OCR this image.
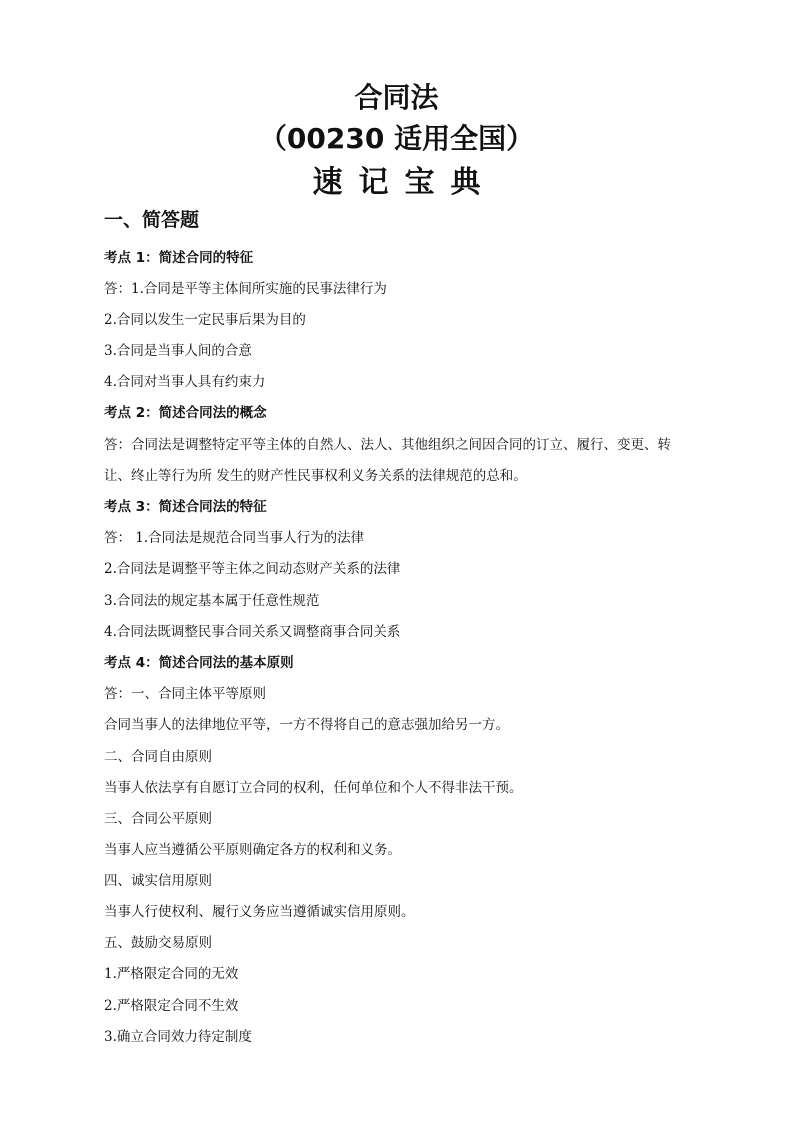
合同法
（00230 适用全国）
速记宝典
一、简答题
考点 1：简述合同的特征
答：1.合同是平等主体间所实施的民事法律行为
2.合同以发生一定民事后果为目的
3.合同是当事人间的合意
4.合同对当事人具有约束力
考点 2：简述合同法的概念
答：合同法是调整特定平等主体的自然人、法人、其他组织之间因合同的订立、履行、变更、转
让、终止等行为所 发生的财产性民事权利义务关系的法律规范的总和。
考点 3：简述合同法的特征
答： 1.合同法是规范合同当事人行为的法律
2.合同法是调整平等主体之间动态财产关系的法律
3.合同法的规定基本属于任意性规范
4.合同法既调整民事合同关系又调整商事合同关系
考点 4：简述合同法的基本原则
答：一、合同主体平等原则
合同当事人的法律地位平等，一方不得将自己的意志强加给另一方。
二、合同自由原则
当事人依法享有自愿订立合同的权利，任何单位和个人不得非法干预。
三、合同公平原则
当事人应当遵循公平原则确定各方的权利和义务。
四、诚实信用原则
当事人行使权利、履行义务应当遵循诚实信用原则。
五、鼓励交易原则
1.严格限定合同的无效
2.严格限定合同不生效
3.确立合同效力待定制度
